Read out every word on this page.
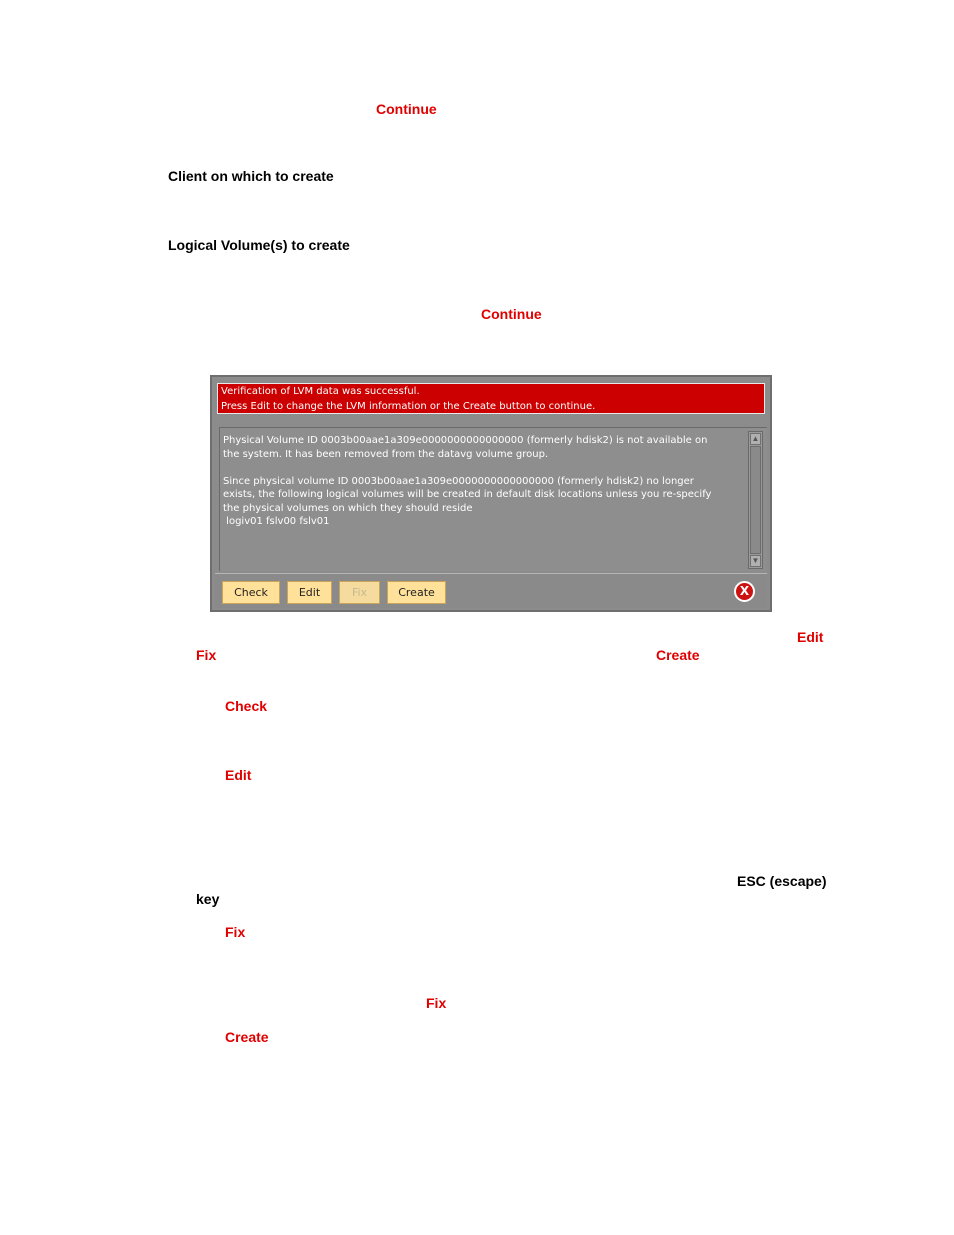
Continue
Client on which to create
Logical Volume(s) to create
Continue
Verification of LVM data was successful.
Press Edit to change the LVM information or the Create button to continue.
Physical Volume ID 0003b00aae1a309e0000000000000000 (formerly hdisk2) is not available on
the system. It has been removed from the datavg volume group.

Since physical volume ID 0003b00aae1a309e0000000000000000 (formerly hdisk2) no longer
exists, the following logical volumes will be created in default disk locations unless you re-specify
the physical volumes on which they should reside
logiv01 fslv00 fslv01
▲
▼
Check	Edit	Fix	Create	X
Edit
Fix	Create
Check
Edit
ESC (escape)
key
Fix
Fix
Create
